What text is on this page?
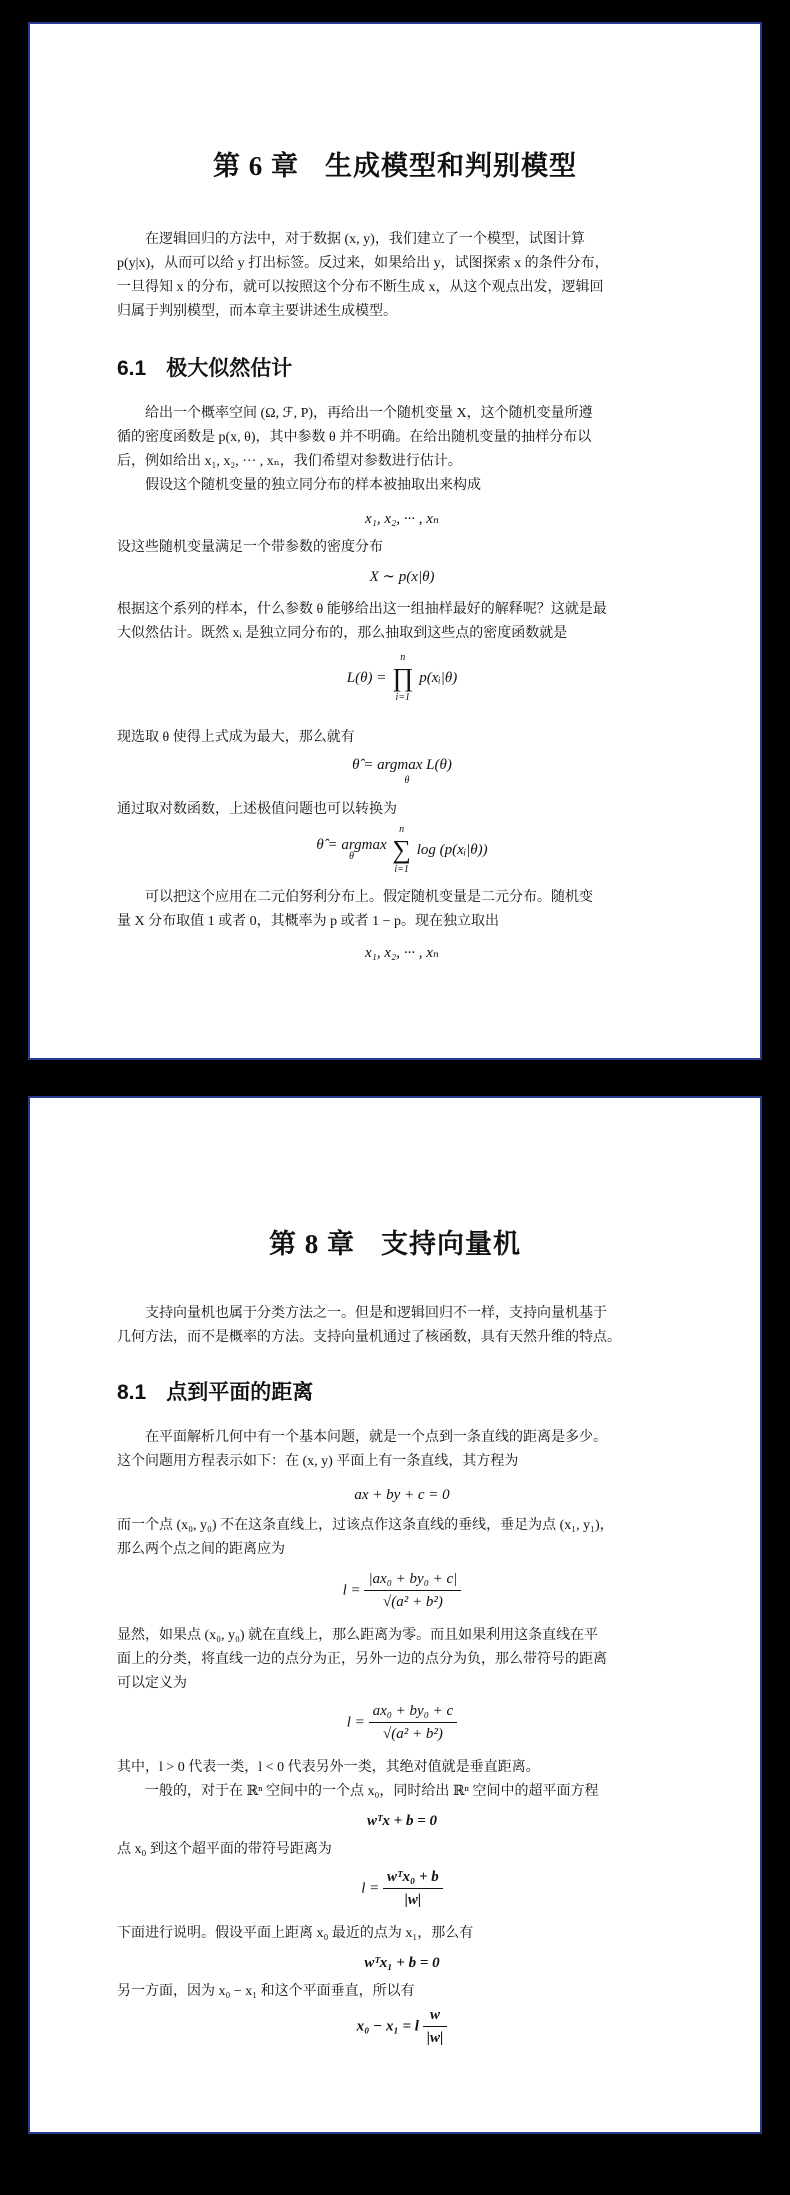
第 6 章 生成模型和判别模型
在逻辑回归的方法中，对于数据 (x, y)，我们建立了一个模型，试图计算
p(y|x)，从而可以给 y 打出标签。反过来，如果给出 y，试图探索 x 的条件分布，
一旦得知 x 的分布，就可以按照这个分布不断生成 x，从这个观点出发，逻辑回
归属于判别模型，而本章主要讲述生成模型。
6.1 极大似然估计
给出一个概率空间 (Ω, ℱ, P)，再给出一个随机变量 X，这个随机变量所遵
循的密度函数是 p(x, θ)，其中参数 θ 并不明确。在给出随机变量的抽样分布以
后，例如给出 x₁, x₂, ··· , xₙ，我们希望对参数进行估计。
假设这个随机变量的独立同分布的样本被抽取出来构成
x₁, x₂, ··· , xₙ
设这些随机变量满足一个带参数的密度分布
X ∼ p(x|θ)
根据这个系列的样本，什么参数 θ 能够给出这一组抽样最好的解释呢？这就是最
大似然估计。既然 xᵢ 是独立同分布的，那么抽取到这些点的密度函数就是
L(θ) =
n
∏
i=1
p(xᵢ|θ)
现选取 θ 使得上式成为最大，那么就有
θ̂ = argmax L(θ)
θ
通过取对数函数，上述极值问题也可以转换为
θ̂ = argmax
θ

n
∑
i=1
log (p(xᵢ|θ))
可以把这个应用在二元伯努利分布上。假定随机变量是二元分布。随机变
量 X 分布取值 1 或者 0，其概率为 p 或者 1 − p。现在独立取出
x₁, x₂, ··· , xₙ
第 8 章 支持向量机
支持向量机也属于分类方法之一。但是和逻辑回归不一样，支持向量机基于
几何方法，而不是概率的方法。支持向量机通过了核函数，具有天然升维的特点。
8.1 点到平面的距离
在平面解析几何中有一个基本问题，就是一个点到一条直线的距离是多少。
这个问题用方程表示如下：在 (x, y) 平面上有一条直线，其方程为
ax + by + c = 0
而一个点 (x₀, y₀) 不在这条直线上，过该点作这条直线的垂线，垂足为点 (x₁, y₁)，
那么两个点之间的距离应为
$l = \frac{\text{|ax₀ + by₀ + c|}}{\text{√(a² + b²)}}$
显然，如果点 (x₀, y₀) 就在直线上，那么距离为零。而且如果利用这条直线在平
面上的分类，将直线一边的点分为正，另外一边的点分为负，那么带符号的距离
可以定义为
$l = \frac{\text{ax₀ + by₀ + c}}{\text{√(a² + b²)}}$
其中，l > 0 代表一类，l < 0 代表另外一类，其绝对值就是垂直距离。
一般的，对于在 ℝⁿ 空间中的一个点 x₀，同时给出 ℝⁿ 空间中的超平面方程
wᵀx + b = 0
点 x₀ 到这个超平面的带符号距离为
$l = \frac{\text{wᵀx₀ + b}}{|w|}$
下面进行说明。假设平面上距离 x₀ 最近的点为 x₁，那么有
wᵀx₁ + b = 0
另一方面，因为 x₀ − x₁ 和这个平面垂直，所以有
x₀ − x₁ = l $\frac{w}{|w|}$
